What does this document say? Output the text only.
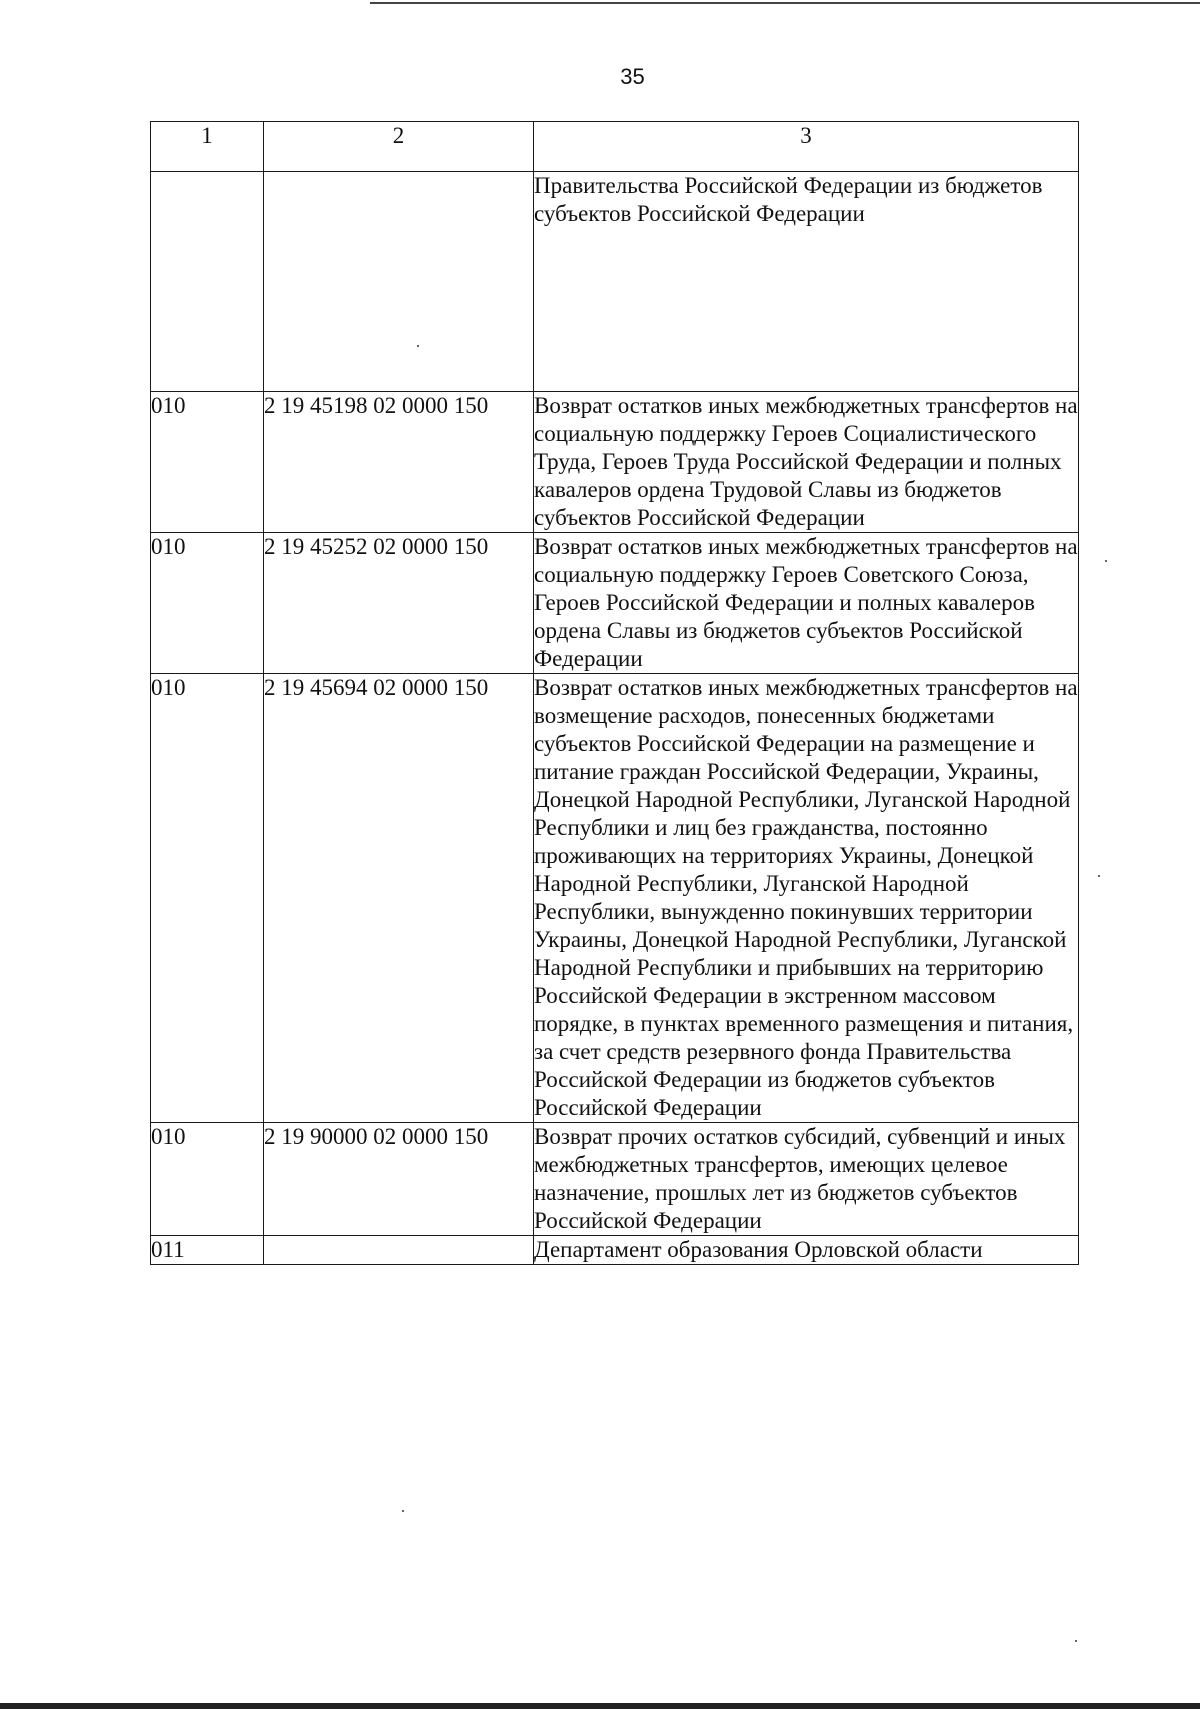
35
1	2	3
		Правительства Российской Федерации из бюджетов субъектов Российской Федерации
010	2 19 45198 02 0000 150	Возврат остатков иных межбюджетных трансфертов на социальную поддержку Героев Социалистического Труда, Героев Труда Российской Федерации и полных кавалеров ордена Трудовой Славы из бюджетов субъектов Российской Федерации
010	2 19 45252 02 0000 150	Возврат остатков иных межбюджетных трансфертов на социальную поддержку Героев Советского Союза, Героев Российской Федерации и полных кавалеров ордена Славы из бюджетов субъектов Российской Федерации
010	2 19 45694 02 0000 150	Возврат остатков иных межбюджетных трансфертов на возмещение расходов, понесенных бюджетами субъектов Российской Федерации на размещение и питание граждан Российской Федерации, Украины, Донецкой Народной Республики, Луганской Народной Республики и лиц без гражданства, постоянно проживающих на территориях Украины, Донецкой Народной Республики, Луганской Народной Республики, вынужденно покинувших территории Украины, Донецкой Народной Республики, Луганской Народной Республики и прибывших на территорию Российской Федерации в экстренном массовом порядке, в пунктах временного размещения и питания, за счет средств резервного фонда Правительства Российской Федерации из бюджетов субъектов Российской Федерации
010	2 19 90000 02 0000 150	Возврат прочих остатков субсидий, субвенций и иных межбюджетных трансфертов, имеющих целевое назначение, прошлых лет из бюджетов субъектов Российской Федерации
011		Департамент образования Орловской области
